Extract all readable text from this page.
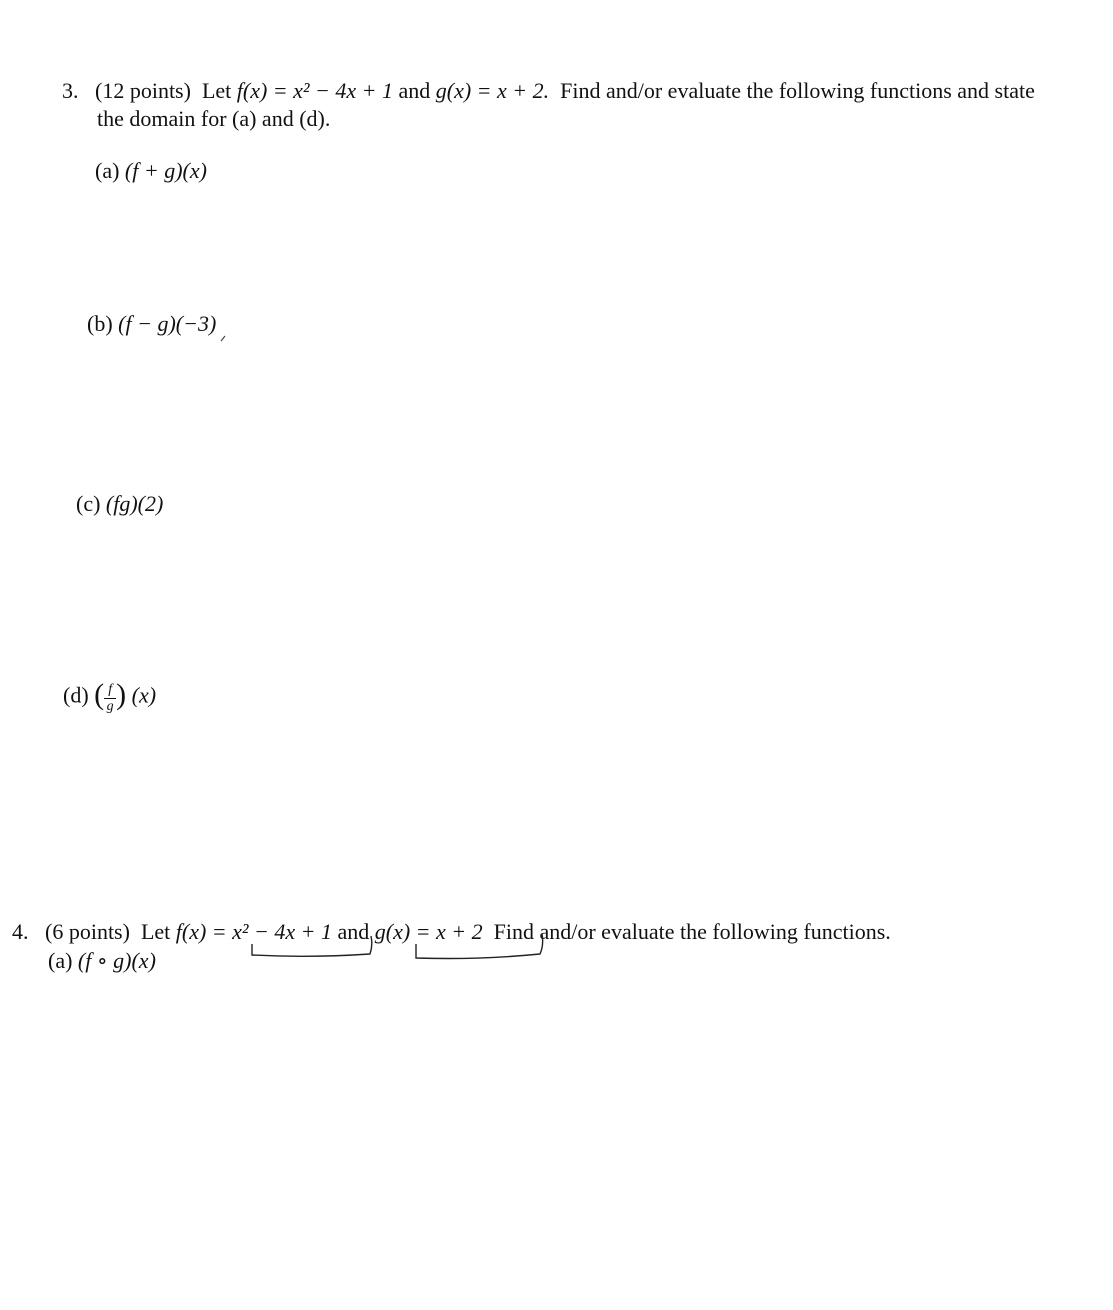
3. (12 points) Let f(x) = x² − 4x + 1 and g(x) = x + 2. Find and/or evaluate the following functions and state
the domain for (a) and (d).
(a) (f + g)(x)
(b) (f − g)(−3)
(c) (fg)(2)
(d) ( $\frac{f}{g}$ ) (x)
4. (6 points) Let f(x) = x² − 4x + 1 and g(x) = x + 2 Find and/or evaluate the following functions.
(a) (f ∘ g)(x)
